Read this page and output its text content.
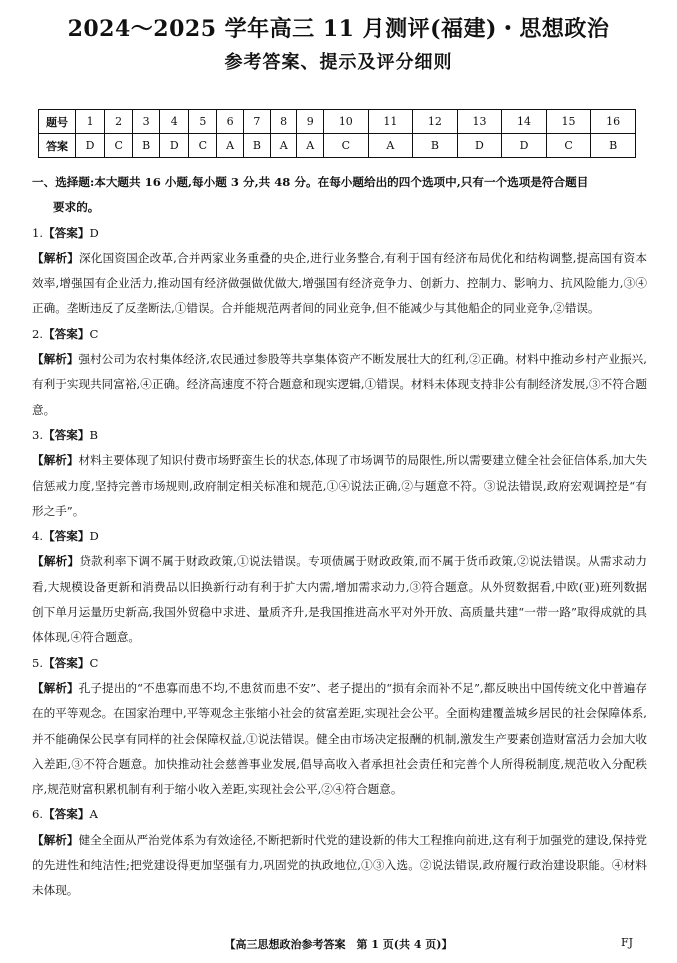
2024～2025 学年高三 11 月测评(福建)・思想政治
参考答案、提示及评分细则
题号	1	2	3	4	5	6	7	8	9	10	11	12	13	14	15	16
答案	D	C	B	D	C	A	B	A	A	C	A	B	D	D	C	B

一、选择题:本大题共 16 小题,每小题 3 分,共 48 分。在每小题给出的四个选项中,只有一个选项是符合题目
要求的。

1.【答案】D

【解析】深化国资国企改革,合并两家业务重叠的央企,进行业务整合,有利于国有经济布局优化和结构调整,提高国有资本效率,增强国有企业活力,推动国有经济做强做优做大,增强国有经济竞争力、创新力、控制力、影响力、抗风险能力,③④正确。垄断违反了反垄断法,①错误。合并能规范两者间的同业竞争,但不能减少与其他船企的同业竞争,②错误。

2.【答案】C

【解析】强村公司为农村集体经济,农民通过参股等共享集体资产不断发展壮大的红利,②正确。材料中推动乡村产业振兴,有利于实现共同富裕,④正确。经济高速度不符合题意和现实逻辑,①错误。材料未体现支持非公有制经济发展,③不符合题意。

3.【答案】B

【解析】材料主要体现了知识付费市场野蛮生长的状态,体现了市场调节的局限性,所以需要建立健全社会征信体系,加大失信惩戒力度,坚持完善市场规则,政府制定相关标准和规范,①④说法正确,②与题意不符。③说法错误,政府宏观调控是“有形之手”。

4.【答案】D

【解析】贷款利率下调不属于财政政策,①说法错误。专项债属于财政政策,而不属于货币政策,②说法错误。从需求动力看,大规模设备更新和消费品以旧换新行动有利于扩大内需,增加需求动力,③符合题意。从外贸数据看,中欧(亚)班列数据创下单月运量历史新高,我国外贸稳中求进、量质齐升,是我国推进高水平对外开放、高质量共建“一带一路”取得成就的具体体现,④符合题意。

5.【答案】C

【解析】孔子提出的“不患寡而患不均,不患贫而患不安”、老子提出的“损有余而补不足”,都反映出中国传统文化中普遍存在的平等观念。在国家治理中,平等观念主张缩小社会的贫富差距,实现社会公平。全面构建覆盖城乡居民的社会保障体系,并不能确保公民享有同样的社会保障权益,①说法错误。健全由市场决定报酬的机制,激发生产要素创造财富活力会加大收入差距,③不符合题意。加快推动社会慈善事业发展,倡导高收入者承担社会责任和完善个人所得税制度,规范收入分配秩序,规范财富积累机制有利于缩小收入差距,实现社会公平,②④符合题意。

6.【答案】A

【解析】健全全面从严治党体系为有效途径,不断把新时代党的建设新的伟大工程推向前进,这有利于加强党的建设,保持党的先进性和纯洁性;把党建设得更加坚强有力,巩固党的执政地位,①③入选。②说法错误,政府履行政治建设职能。④材料未体现。

【高三思想政治参考答案　第 1 页(共 4 页)】	FJ
